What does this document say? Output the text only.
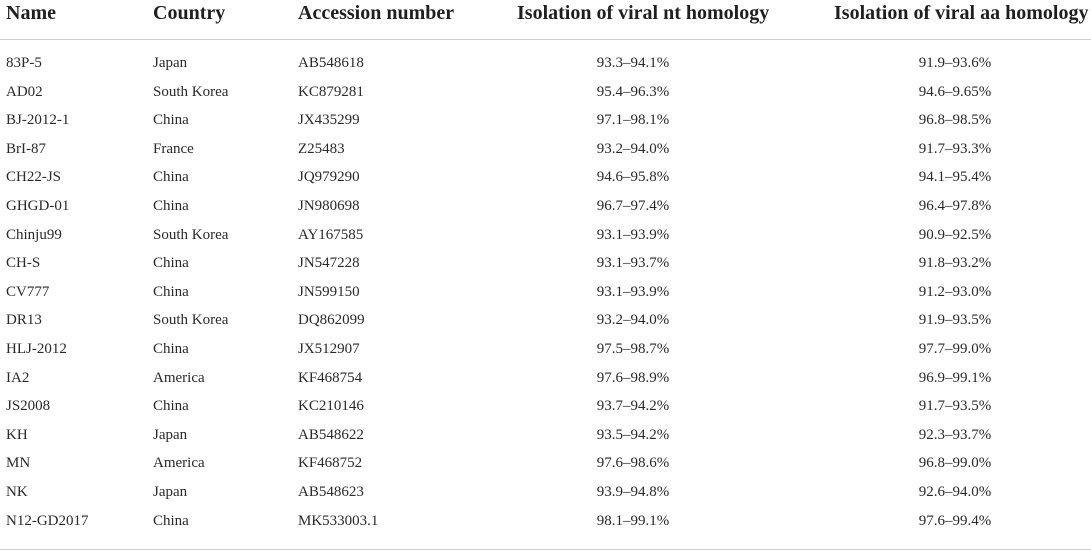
Name	Country	Accession number	Isolation of viral nt homology	Isolation of viral aa homology
83P-5	Japan	AB548618	93.3–94.1%	91.9–93.6%
AD02	South Korea	KC879281	95.4–96.3%	94.6–9.65%
BJ-2012-1	China	JX435299	97.1–98.1%	96.8–98.5%
BrI-87	France	Z25483	93.2–94.0%	91.7–93.3%
CH22-JS	China	JQ979290	94.6–95.8%	94.1–95.4%
GHGD-01	China	JN980698	96.7–97.4%	96.4–97.8%
Chinju99	South Korea	AY167585	93.1–93.9%	90.9–92.5%
CH-S	China	JN547228	93.1–93.7%	91.8–93.2%
CV777	China	JN599150	93.1–93.9%	91.2–93.0%
DR13	South Korea	DQ862099	93.2–94.0%	91.9–93.5%
HLJ-2012	China	JX512907	97.5–98.7%	97.7–99.0%
IA2	America	KF468754	97.6–98.9%	96.9–99.1%
JS2008	China	KC210146	93.7–94.2%	91.7–93.5%
KH	Japan	AB548622	93.5–94.2%	92.3–93.7%
MN	America	KF468752	97.6–98.6%	96.8–99.0%
NK	Japan	AB548623	93.9–94.8%	92.6–94.0%
N12-GD2017	China	MK533003.1	98.1–99.1%	97.6–99.4%
